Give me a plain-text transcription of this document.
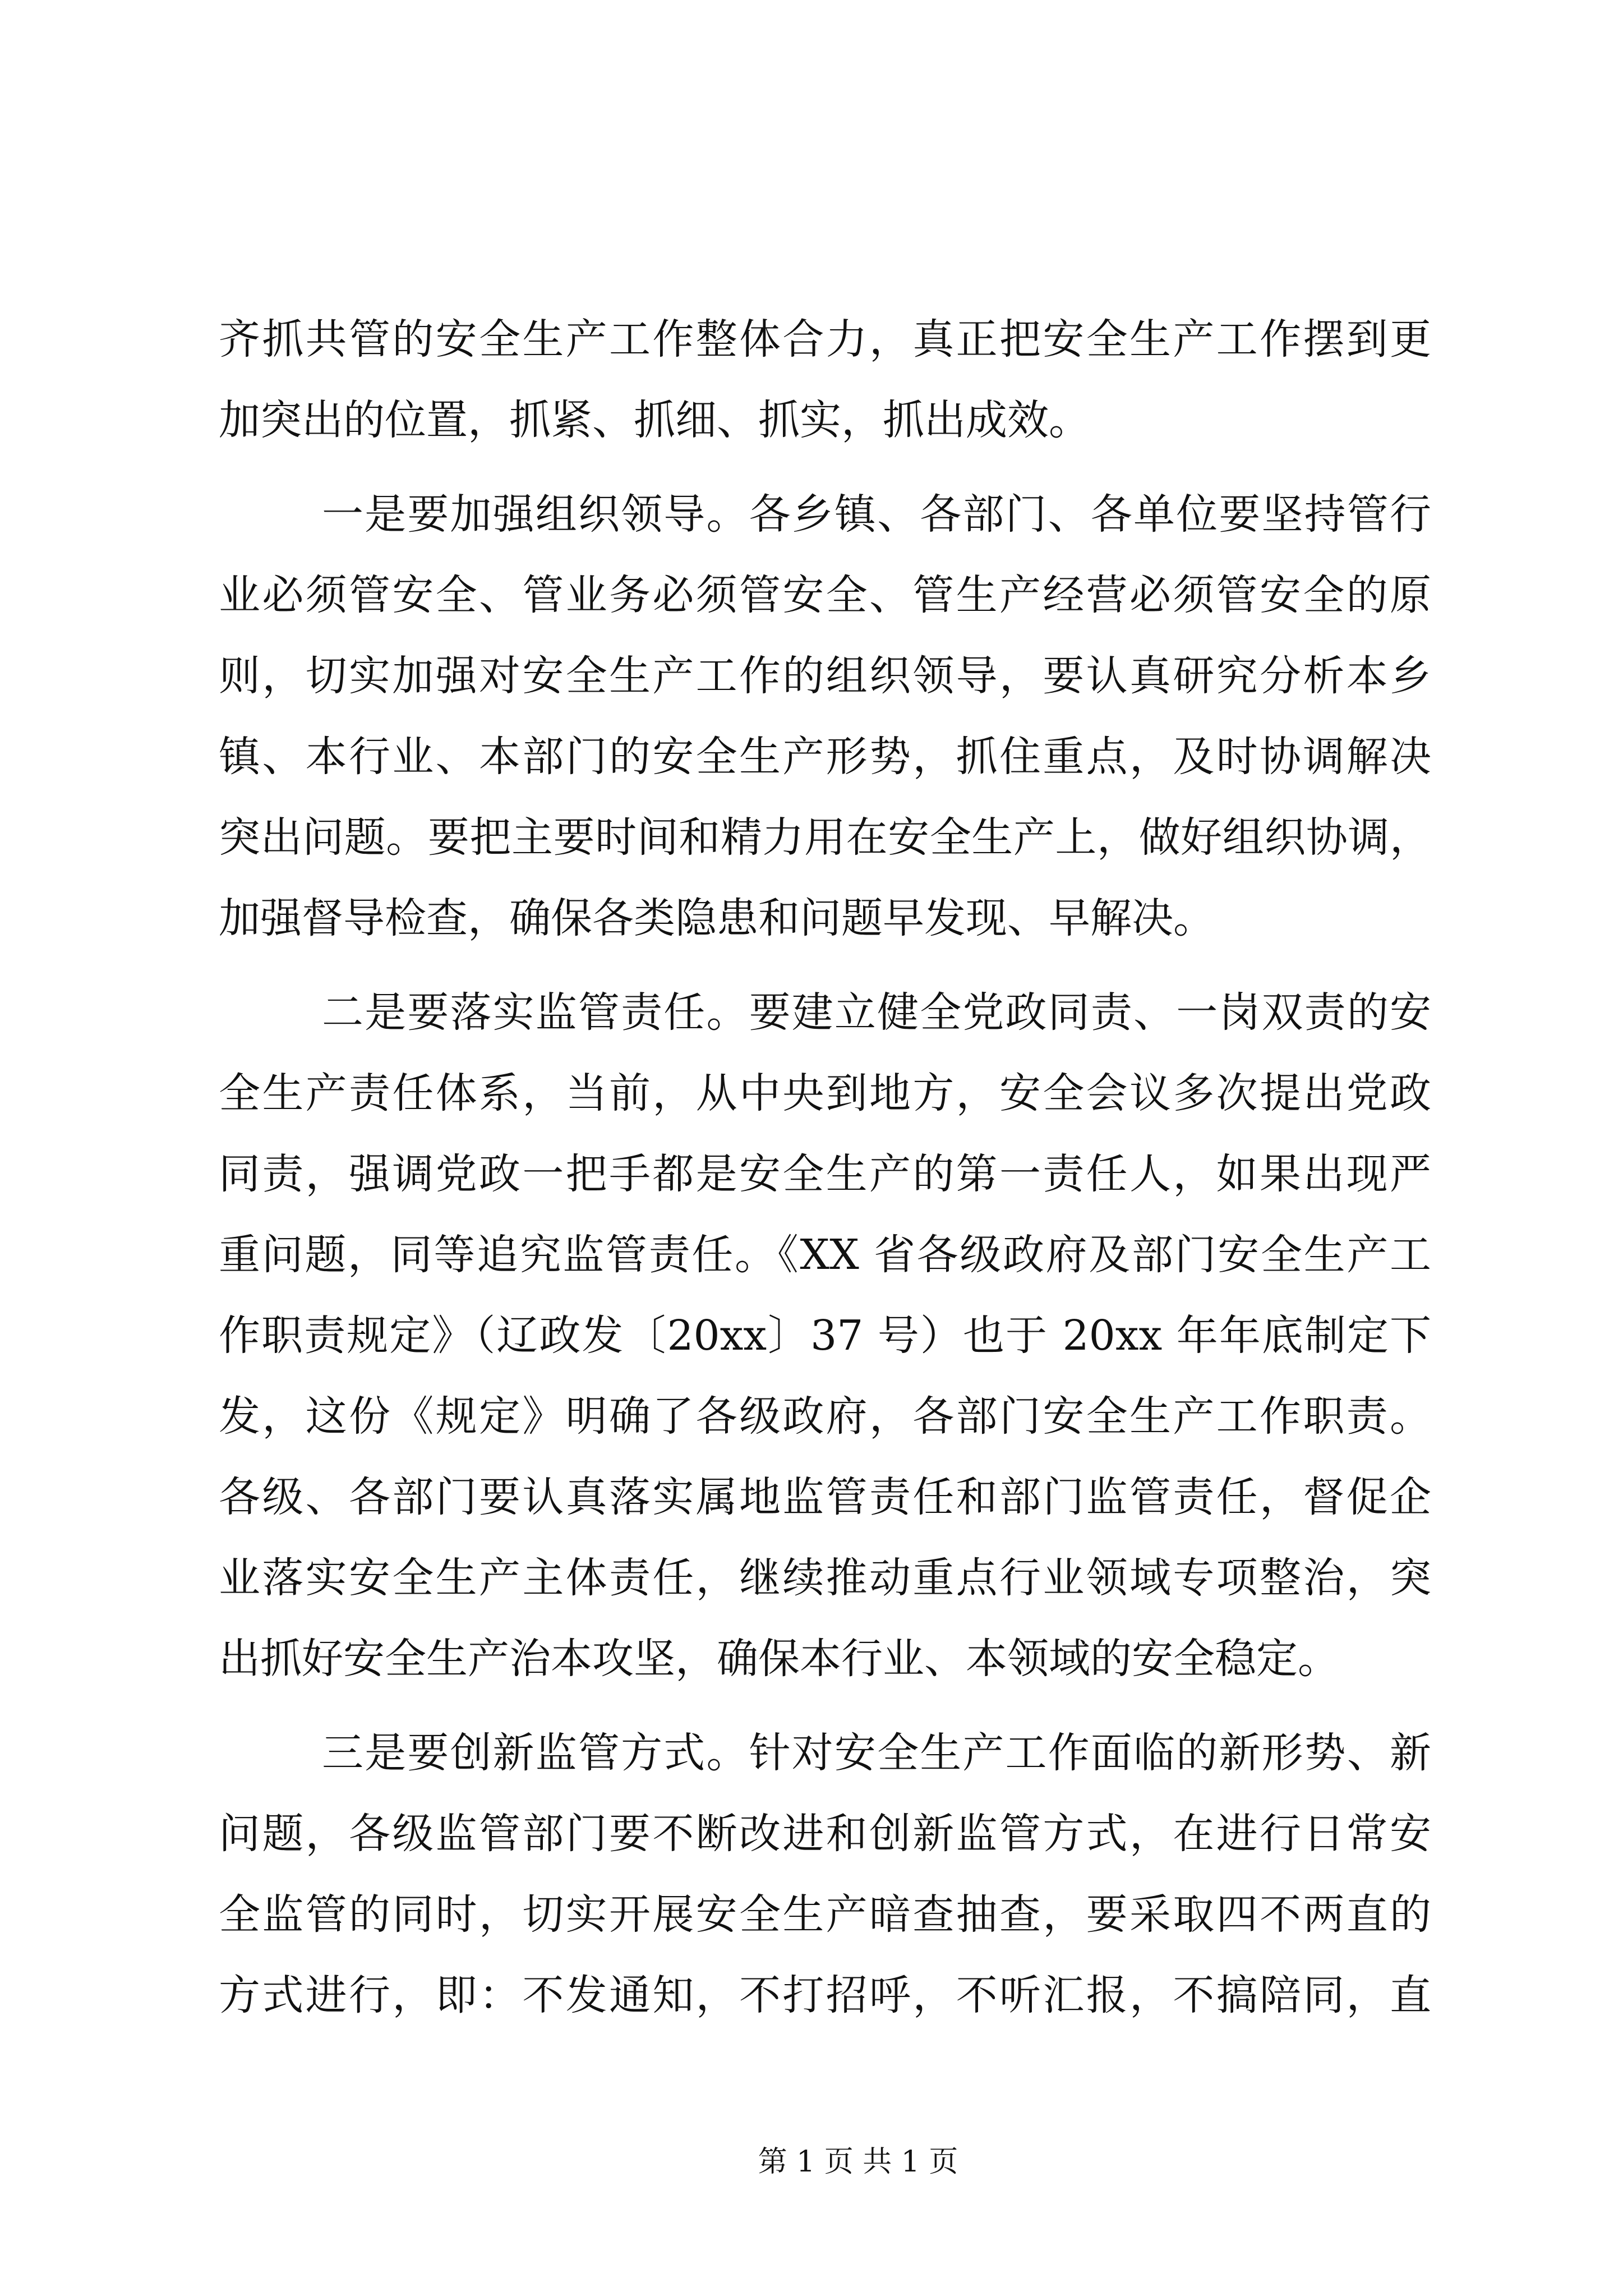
齐抓共管的安全生产工作整体合力，真正把安全生产工作摆到更
加突出的位置，抓紧、抓细、抓实，抓出成效。
一是要加强组织领导。各乡镇、各部门、各单位要坚持管行
业必须管安全、管业务必须管安全、管生产经营必须管安全的原
则，切实加强对安全生产工作的组织领导，要认真研究分析本乡
镇、本行业、本部门的安全生产形势，抓住重点，及时协调解决
突出问题。要把主要时间和精力用在安全生产上，做好组织协调，
加强督导检查，确保各类隐患和问题早发现、早解决。
二是要落实监管责任。要建立健全党政同责、一岗双责的安
全生产责任体系，当前，从中央到地方，安全会议多次提出党政
同责，强调党政一把手都是安全生产的第一责任人，如果出现严
重问题，同等追究监管责任。《XX 省各级政府及部门安全生产工
作职责规定》（辽政发〔20xx〕37 号）也于 20xx 年年底制定下
发，这份《规定》明确了各级政府，各部门安全生产工作职责。
各级、各部门要认真落实属地监管责任和部门监管责任，督促企
业落实安全生产主体责任，继续推动重点行业领域专项整治，突
出抓好安全生产治本攻坚，确保本行业、本领域的安全稳定。
三是要创新监管方式。针对安全生产工作面临的新形势、新
问题，各级监管部门要不断改进和创新监管方式，在进行日常安
全监管的同时，切实开展安全生产暗查抽查，要采取四不两直的
方式进行，即：不发通知，不打招呼，不听汇报，不搞陪同，直
第 1 页 共 1 页
